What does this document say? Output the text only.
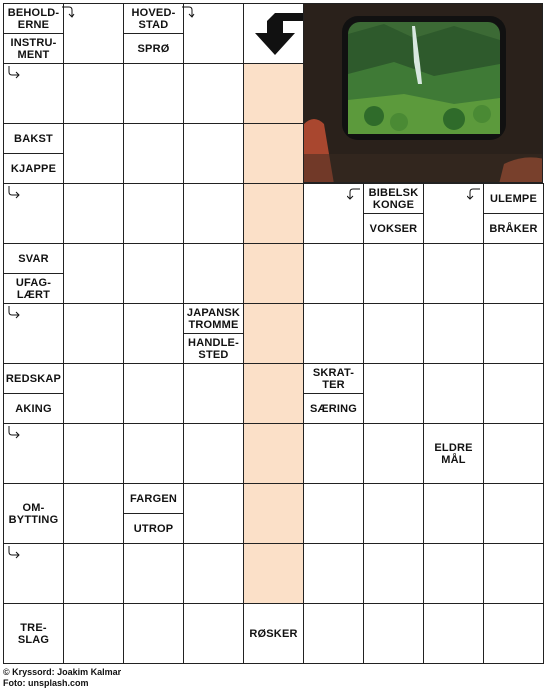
BEHOLD-
ERNE
INSTRU-
MENT
HOVED-
STAD
SPRØ
BAKST
KJAPPE
BIBELSK
KONGE
VOKSER
ULEMPE
BRÅKER
SVAR
UFAG-
LÆRT
JAPANSK
TROMME
HANDLE-
STED
REDSKAP
AKING
SKRAT-
TER
SÆRING
ELDRE
MÅL
OM-
BYTTING
FARGEN
UTROP
TRE-
SLAG	RØSKER
© Kryssord: Joakim Kalmar
Foto: unsplash.com
